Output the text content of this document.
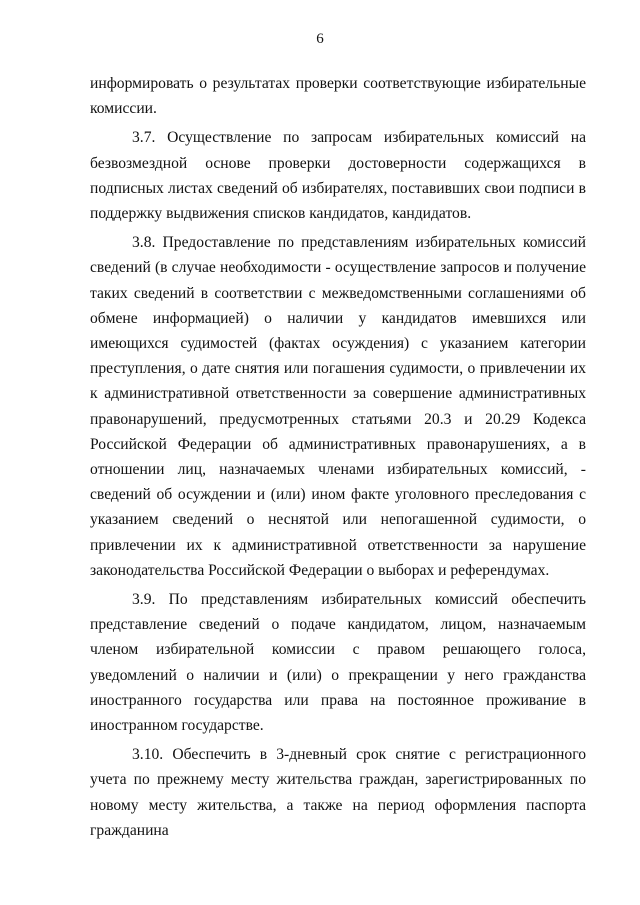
6

информировать о результатах проверки соответствующие избирательные комиссии.

3.7. Осуществление по запросам избирательных комиссий на безвозмездной основе проверки достоверности содержащихся в подписных листах сведений об избирателях, поставивших свои подписи в поддержку выдвижения списков кандидатов, кандидатов.

3.8. Предоставление по представлениям избирательных комиссий сведений (в случае необходимости - осуществление запросов и получение таких сведений в соответствии с межведомственными соглашениями об обмене информацией) о наличии у кандидатов имевшихся или имеющихся судимостей (фактах осуждения) с указанием категории преступления, о дате снятия или погашения судимости, о привлечении их к административной ответственности за совершение административных правонарушений, предусмотренных статьями 20.3 и 20.29 Кодекса Российской Федерации об административных правонарушениях, а в отношении лиц, назначаемых членами избирательных комиссий, - сведений об осуждении и (или) ином факте уголовного преследования с указанием сведений о неснятой или непогашенной судимости, о привлечении их к административной ответственности за нарушение законодательства Российской Федерации о выборах и референдумах.

3.9. По представлениям избирательных комиссий обеспечить представление сведений о подаче кандидатом, лицом, назначаемым членом избирательной комиссии с правом решающего голоса, уведомлений о наличии и (или) о прекращении у него гражданства иностранного государства или права на постоянное проживание в иностранном государстве.

3.10. Обеспечить в 3-дневный срок снятие с регистрационного учета по прежнему месту жительства граждан, зарегистрированных по новому месту жительства, а также на период оформления паспорта гражданина
